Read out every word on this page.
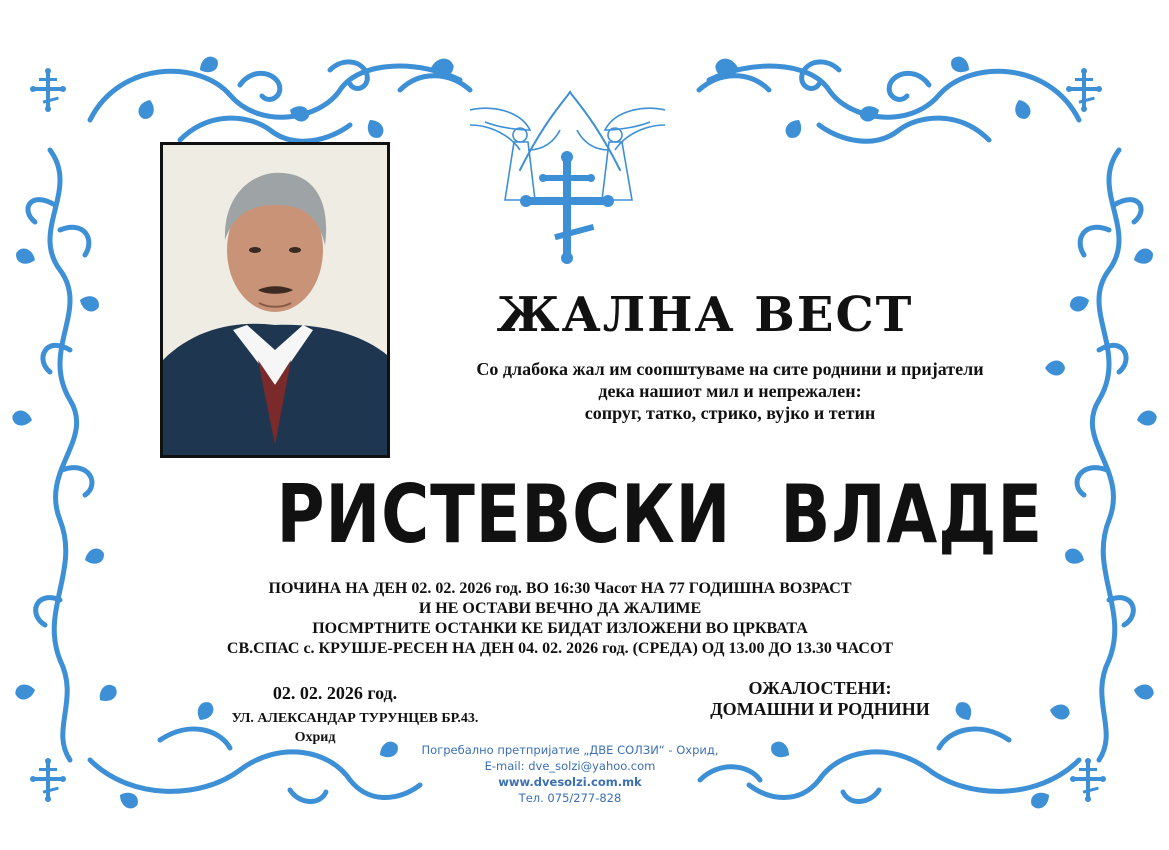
ЖАЛНА ВЕСТ
Со длабока жал им соопштуваме на сите роднини и пријатели
дека нашиот мил и непрежален:
сопруг, татко, стрико, вујко и тетин
РИСТЕВСКИ ВЛАДЕ
ПОЧИНА НА ДЕН 02. 02. 2026 год. ВО 16:30 Часот НА 77 ГОДИШНА ВОЗРАСТ
И НЕ ОСТАВИ ВЕЧНО ДА ЖАЛИМЕ
ПОСМРТНИТЕ ОСТАНКИ КЕ БИДАТ ИЗЛОЖЕНИ ВО ЦРКВАТА
СВ.СПАС с. КРУШЈЕ-РЕСЕН НА ДЕН 04. 02. 2026 год. (СРЕДА) ОД 13.00 ДО 13.30 ЧАСОТ
02. 02. 2026 год.
УЛ. АЛЕКСАНДАР ТУРУНЦЕВ БР.43.
Охрид
ОЖАЛОСТЕНИ:
ДОМАШНИ И РОДНИНИ
Погребално претпријатие „ДВЕ СОЛЗИ“ - Охрид,
E-mail: dve_solzi@yahoo.com
www.dvesolzi.com.mk
Тел. 075/277-828
